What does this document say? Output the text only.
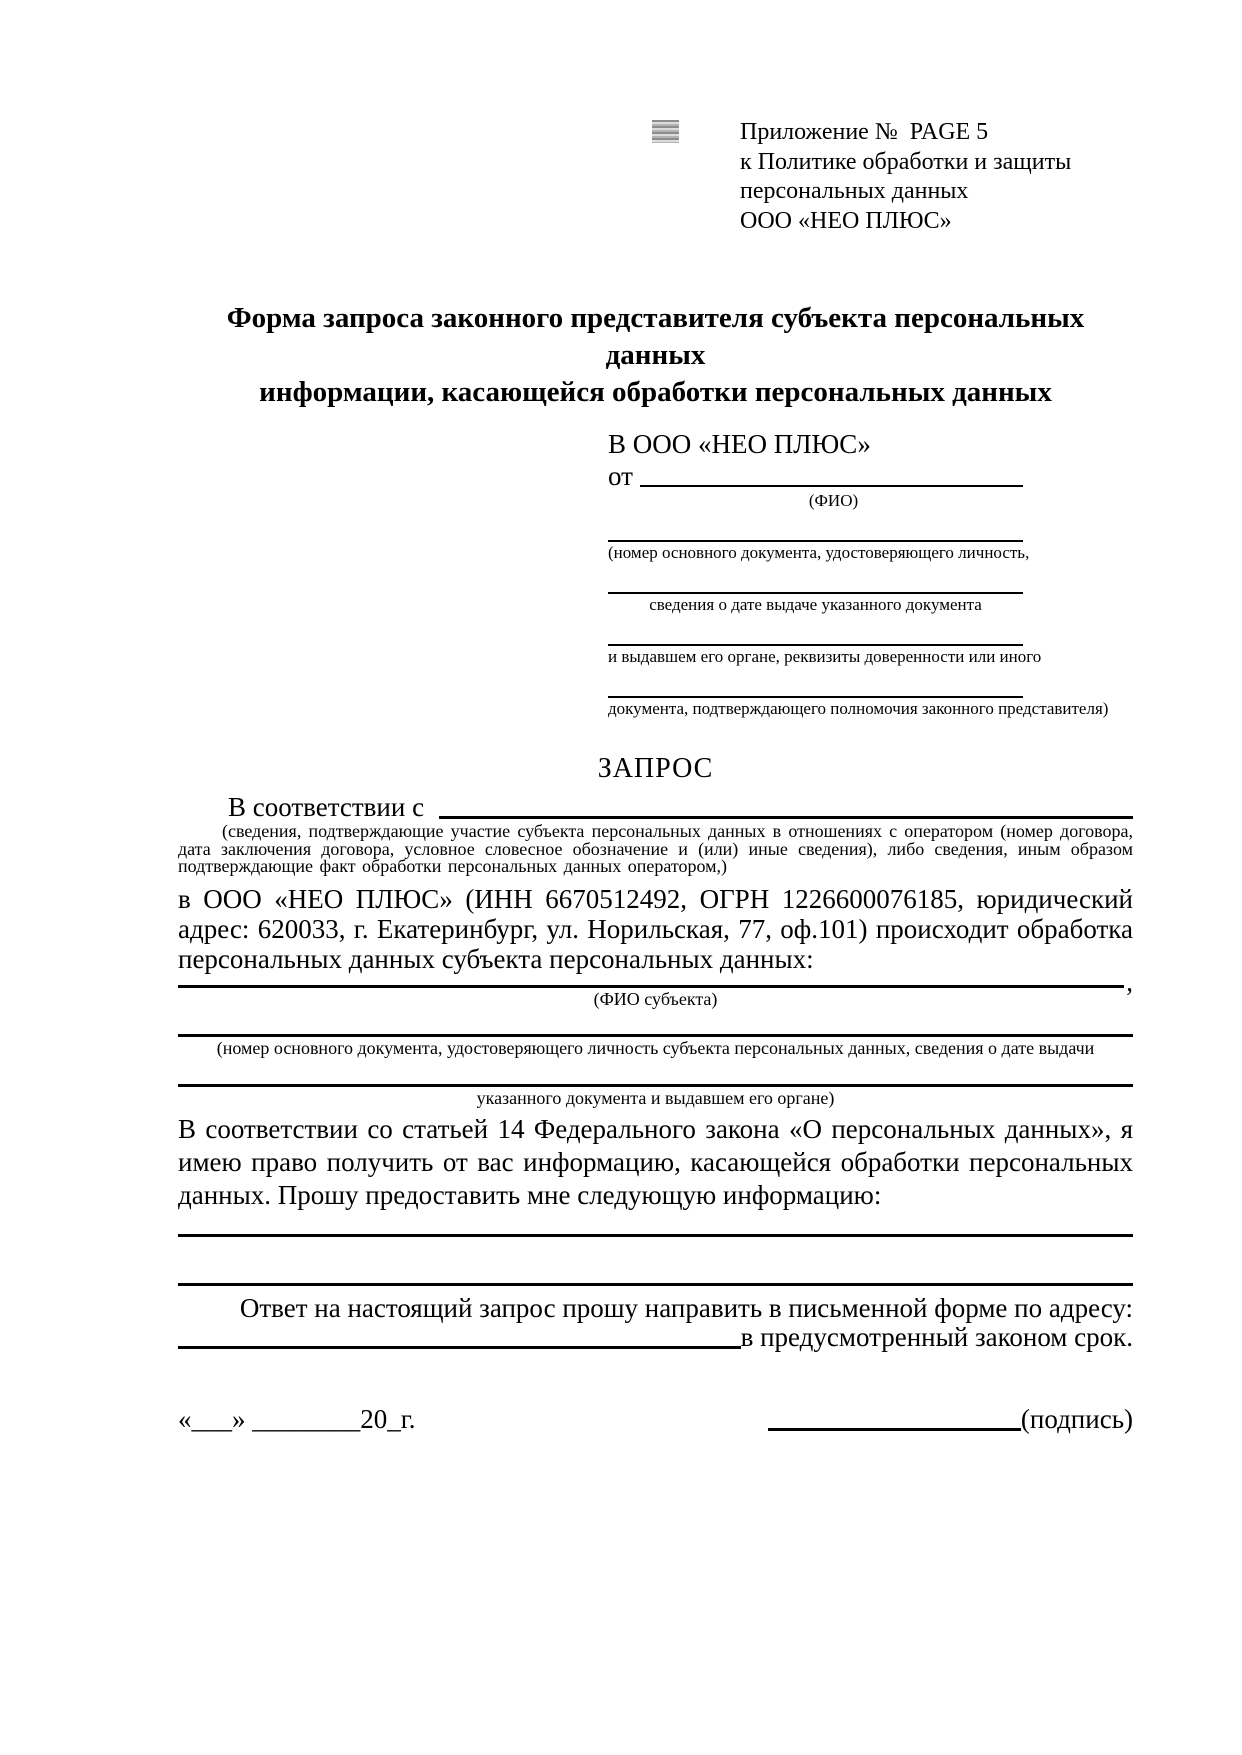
Приложение №  PAGE 5
к Политике обработки и защиты
персональных данных
ООО «НЕО ПЛЮС»
Форма запроса законного представителя субъекта персональных данных
информации, касающейся обработки персональных данных
В ООО «НЕО ПЛЮС»
от
(ФИО)
(номер основного документа, удостоверяющего личность,
сведения о дате выдаче указанного документа
и выдавшем его органе, реквизиты доверенности или иного
документа, подтверждающего полномочия законного представителя)
ЗАПРОС
В соответствии с

(сведения, подтверждающие участие субъекта персональных данных в отношениях с оператором (номер договора, дата заключения договора, условное словесное обозначение и (или) иные сведения), либо сведения, иным образом подтверждающие факт обработки персональных данных оператором,)

в ООО «НЕО ПЛЮС» (ИНН 6670512492, ОГРН 1226600076185, юридический адрес: 620033, г. Екатеринбург, ул. Норильская, 77, оф.101) происходит обработка персональных данных субъекта персональных данных:

,
(ФИО субъекта)
(номер основного документа, удостоверяющего личность субъекта персональных данных, сведения о дате выдачи
указанного документа и выдавшем его органе)

В соответствии со статьей 14 Федерального закона «О персональных данных», я имею право получить от вас информацию, касающейся обработки персональных данных. Прошу предоставить мне следующую информацию:

Ответ на настоящий запрос прошу направить в письменной форме по адресу:

в предусмотренный законом срок.
«___» ________20_г.	(подпись)
